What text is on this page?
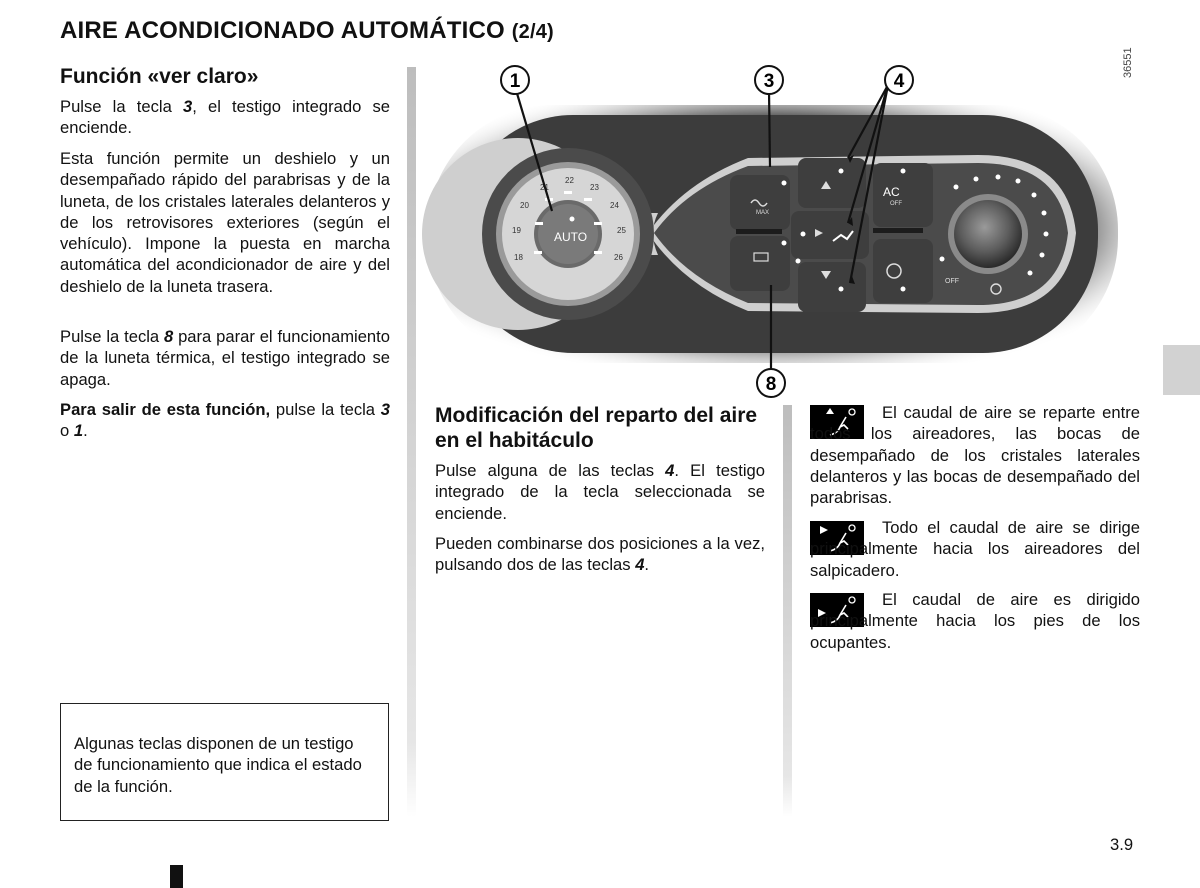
AIRE ACONDICIONADO AUTOMÁTICO (2/4)
Función «ver claro»

Pulse la tecla 3, el testigo integrado se enciende.

Esta función permite un deshielo y un desempañado rápido del parabrisas y de la luneta, de los cristales laterales delanteros y de los retrovisores exteriores (según el vehículo). Impone la puesta en marcha automática del acondicionador de aire y del deshielo de la luneta trasera.

Pulse la tecla 8 para parar el funcionamiento de la luneta térmica, el testigo integrado se apaga.

Para salir de esta función, pulse la tecla 3 o 1.

Algunas teclas disponen de un testigo de funcionamiento que indica el estado de la función.

AUTO
18
19
20
21
22
23
24
25
26
MAX
AC
OFF
OFF
1	3	4
8
36551
Modificación del reparto del aire en el habitáculo

Pulse alguna de las teclas 4. El testigo integrado de la tecla seleccionada se enciende.

Pueden combinarse dos posiciones a la vez, pulsando dos de las teclas 4.

El caudal de aire se reparte entre todos los aireadores, las bocas de desempañado de los cristales laterales delanteros y las bocas de desempañado del parabrisas.

Todo el caudal de aire se dirige principalmente hacia los aireadores del salpicadero.

El caudal de aire es dirigido principalmente hacia los pies de los ocupantes.

3.9
